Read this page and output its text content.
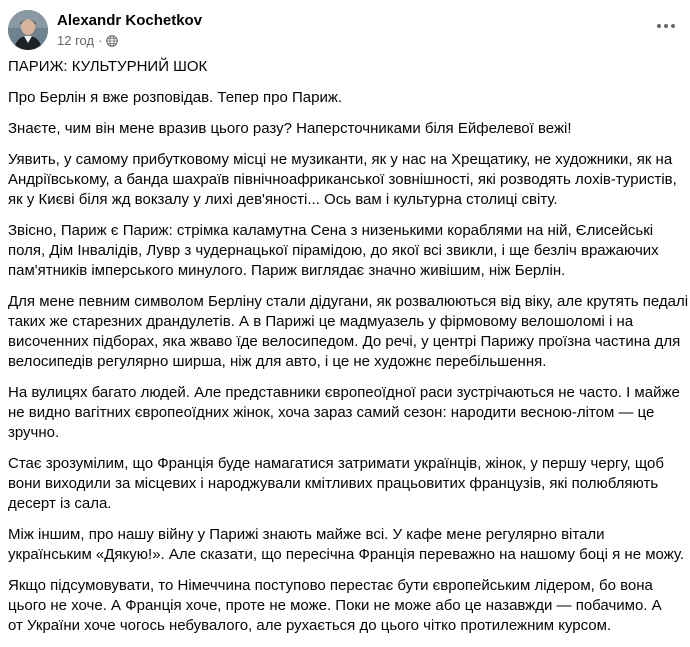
Alexandr Kochetkov
12 год ·

ПАРИЖ: КУЛЬТУРНИЙ ШОК

Про Берлін я вже розповідав. Тепер про Париж.

Знаєте, чим він мене вразив цього разу? Наперсточниками біля Ейфелевої вежі!

Уявить, у самому прибутковому місці не музиканти, як у нас на Хрещатику, не художники, як на
Андріївському, а банда шахраїв північноафриканської зовнішності, які розводять лохів-туристів,
як у Києві біля жд вокзалу у лихі дев'яності... Ось вам і культурна столиці світу.

Звісно, Париж є Париж: стрімка каламутна Сена з низенькими кораблями на ній, Єлисейські
поля, Дім Інвалідів, Лувр з чудернацької пірамідою, до якої всі звикли, і ще безліч вражаючих
пам'ятників імперського минулого. Париж виглядає значно живішим, ніж Берлін.

Для мене певним символом Берліну стали дідугани, як розвалюються від віку, але крутять педалі
таких же старезних драндулетів. А в Парижі це мадмуазель у фірмовому велошоломі і на
височенних підборах, яка жваво їде велосипедом. До речі, у центрі Парижу проїзна частина для
велосипедів регулярно ширша, ніж для авто, і це не художнє перебільшення.

На вулицях багато людей. Але представники європеоїдної раси зустрічаються не часто. І майже
не видно вагітних європеоїдних жінок, хоча зараз самий сезон: народити весною-літом — це
зручно.

Стає зрозумілим, що Франція буде намагатися затримати українців, жінок, у першу чергу, щоб
вони виходили за місцевих і народжували кмітливих працьовитих французів, які полюбляють
десерт із сала.

Між іншим, про нашу війну у Парижі знають майже всі. У кафе мене регулярно вітали
українським «Дякую!». Але сказати, що пересічна Франція переважно на нашому боці я не можу.

Якщо підсумовувати, то Німеччина поступово перестає бути європейським лідером, бо вона
цього не хоче. А Франція хоче, проте не може. Поки не може або це назавжди — побачимо. А
от України хоче чогось небувалого, але рухається до цього чітко протилежним курсом.
